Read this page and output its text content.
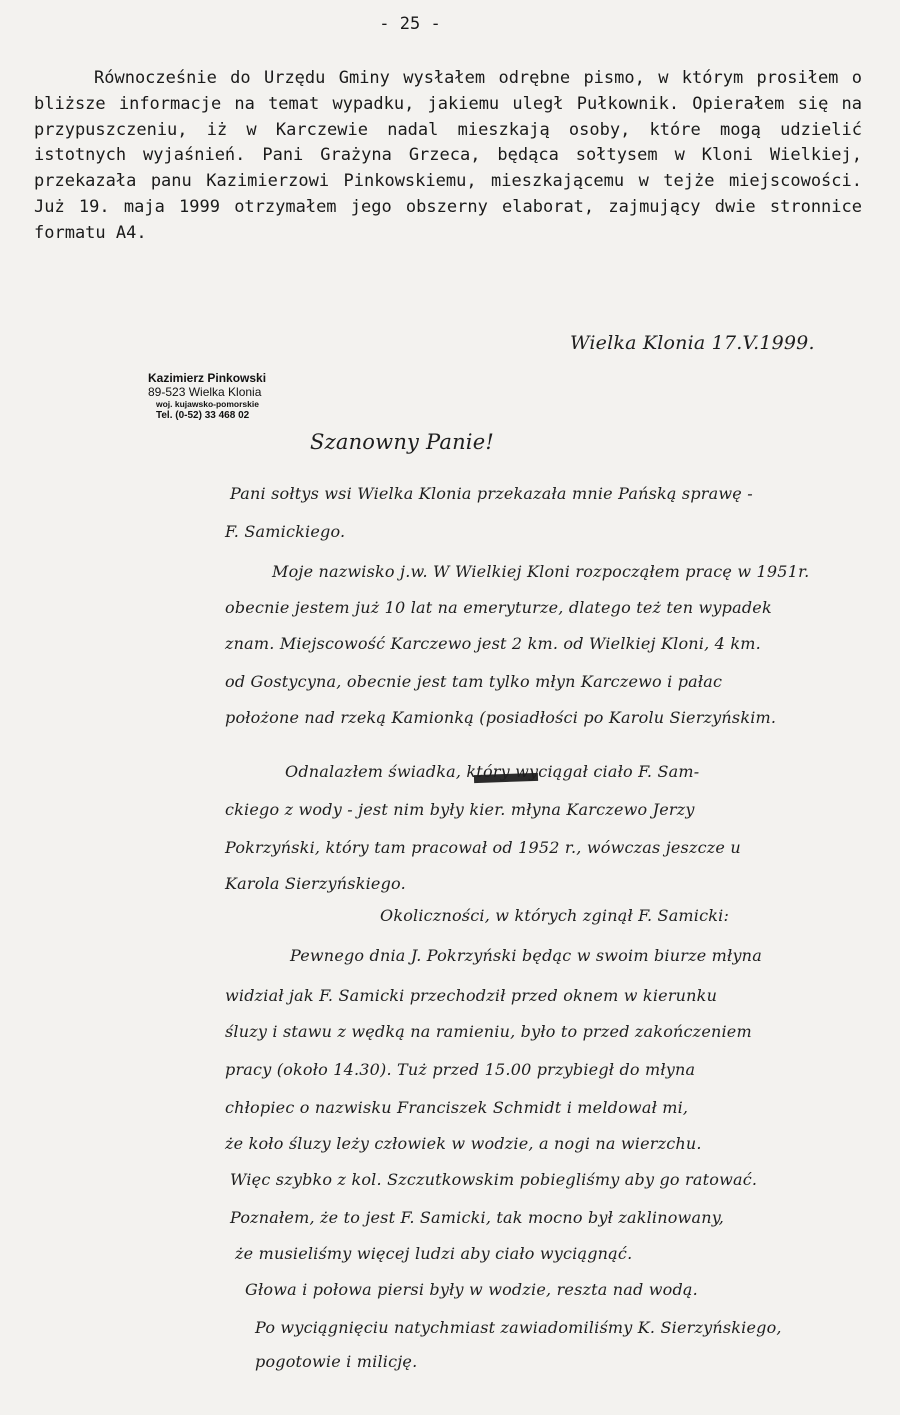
- 25 -
Równocześnie do Urzędu Gminy wysłałem odrębne pismo, w którym prosiłem o bliższe informacje na temat wypadku, jakiemu uległ Pułkownik. Opierałem się na przypuszczeniu, iż w Karczewie nadal mieszkają osoby, które mogą udzielić istotnych wyjaśnień. Pani Grażyna Grzeca, będąca sołtysem w Kloni Wielkiej, przekazała panu Kazimierzowi Pinkowskiemu, mieszkającemu w tejże miejscowości. Już 19. maja 1999 otrzymałem jego obszerny elaborat, zajmujący dwie stronnice formatu A4.
Wielka Klonia 17.V.1999.
Kazimierz Pinkowski
89-523 Wielka Klonia
woj. kujawsko-pomorskie
Tel. (0-52) 33 468 02
Szanowny Panie!
Pani sołtys wsi Wielka Klonia przekazała mnie Pańską sprawę -
F. Samickiego.
Moje nazwisko j.w. W Wielkiej Kloni rozpocząłem pracę w 1951r.
obecnie jestem już 10 lat na emeryturze, dlatego też ten wypadek
znam. Miejscowość Karczewo jest 2 km. od Wielkiej Kloni, 4 km.
od Gostycyna, obecnie jest tam tylko młyn Karczewo i pałac
położone nad rzeką Kamionką (posiadłości po Karolu Sierzyńskim.
Odnalazłem świadka, który wyciągał ciało F. Sam-
ckiego z wody - jest nim były kier. młyna Karczewo Jerzy
Pokrzyński, który tam pracował od 1952 r., wówczas jeszcze u
Karola Sierzyńskiego.
Okoliczności, w których zginął F. Samicki:
Pewnego dnia J. Pokrzyński będąc w swoim biurze młyna
widział jak F. Samicki przechodził przed oknem w kierunku
śluzy i stawu z wędką na ramieniu, było to przed zakończeniem
pracy (około 14.30). Tuż przed 15.00 przybiegł do młyna
chłopiec o nazwisku Franciszek Schmidt i meldował mi,
że koło śluzy leży człowiek w wodzie, a nogi na wierzchu.
Więc szybko z kol. Szczutkowskim pobiegliśmy aby go ratować.
Poznałem, że to jest F. Samicki, tak mocno był zaklinowany,
że musieliśmy więcej ludzi aby ciało wyciągnąć.
Głowa i połowa piersi były w wodzie, reszta nad wodą.
Po wyciągnięciu natychmiast zawiadomiliśmy K. Sierzyńskiego,
pogotowie i milicję.
